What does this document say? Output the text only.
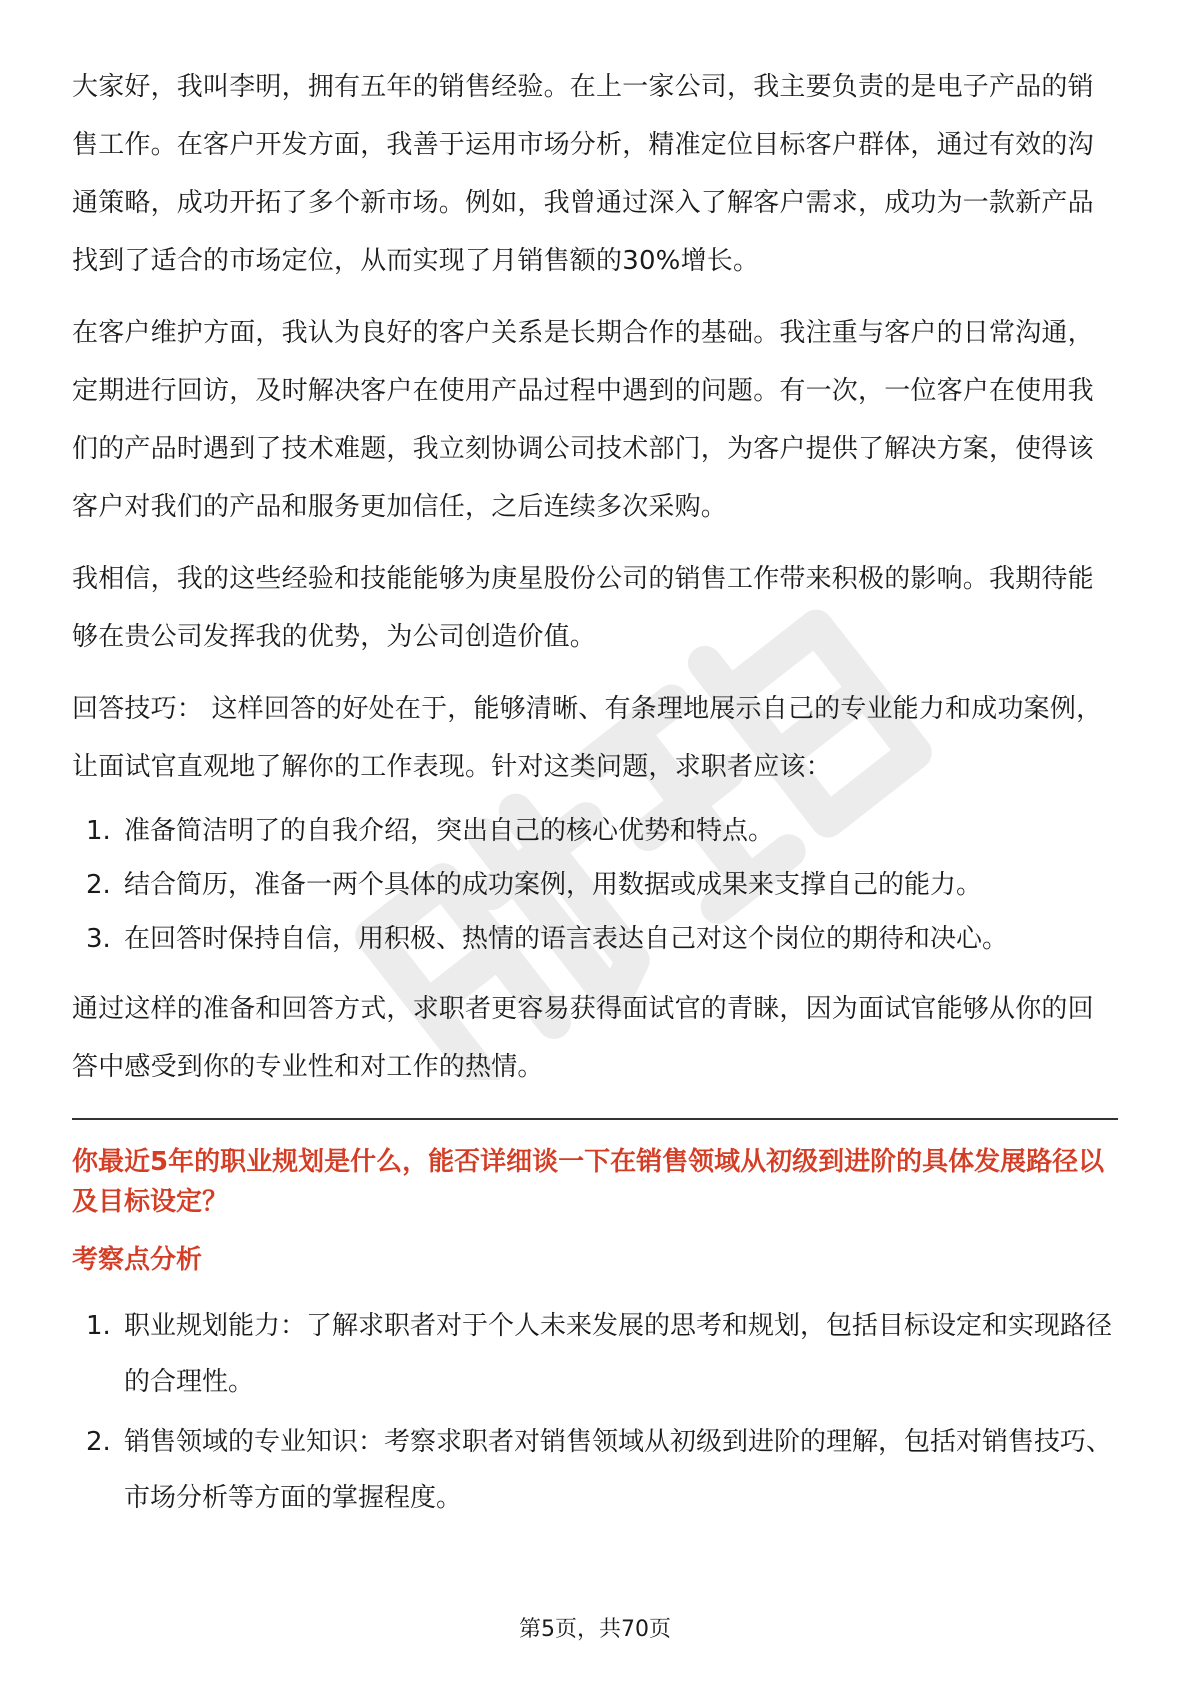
大家好，我叫李明，拥有五年的销售经验。在上一家公司，我主要负责的是电子产品的销售工作。在客户开发方面，我善于运用市场分析，精准定位目标客户群体，通过有效的沟通策略，成功开拓了多个新市场。例如，我曾通过深入了解客户需求，成功为一款新产品找到了适合的市场定位，从而实现了月销售额的30%增长。

在客户维护方面，我认为良好的客户关系是长期合作的基础。我注重与客户的日常沟通，定期进行回访，及时解决客户在使用产品过程中遇到的问题。有一次，一位客户在使用我们的产品时遇到了技术难题，我立刻协调公司技术部门，为客户提供了解决方案，使得该客户对我们的产品和服务更加信任，之后连续多次采购。

我相信，我的这些经验和技能能够为庚星股份公司的销售工作带来积极的影响。我期待能够在贵公司发挥我的优势，为公司创造价值。

回答技巧： 这样回答的好处在于，能够清晰、有条理地展示自己的专业能力和成功案例，让面试官直观地了解你的工作表现。针对这类问题，求职者应该：

1. 准备简洁明了的自我介绍，突出自己的核心优势和特点。
2. 结合简历，准备一两个具体的成功案例，用数据或成果来支撑自己的能力。
3. 在回答时保持自信，用积极、热情的语言表达自己对这个岗位的期待和决心。

通过这样的准备和回答方式，求职者更容易获得面试官的青睐，因为面试官能够从你的回答中感受到你的专业性和对工作的热情。

你最近5年的职业规划是什么，能否详细谈一下在销售领域从初级到进阶的具体发展路径以及目标设定？

考察点分析

1. 职业规划能力：了解求职者对于个人未来发展的思考和规划，包括目标设定和实现路径的合理性。
2. 销售领域的专业知识：考察求职者对销售领域从初级到进阶的理解，包括对销售技巧、市场分析等方面的掌握程度。
第5页，共70页
